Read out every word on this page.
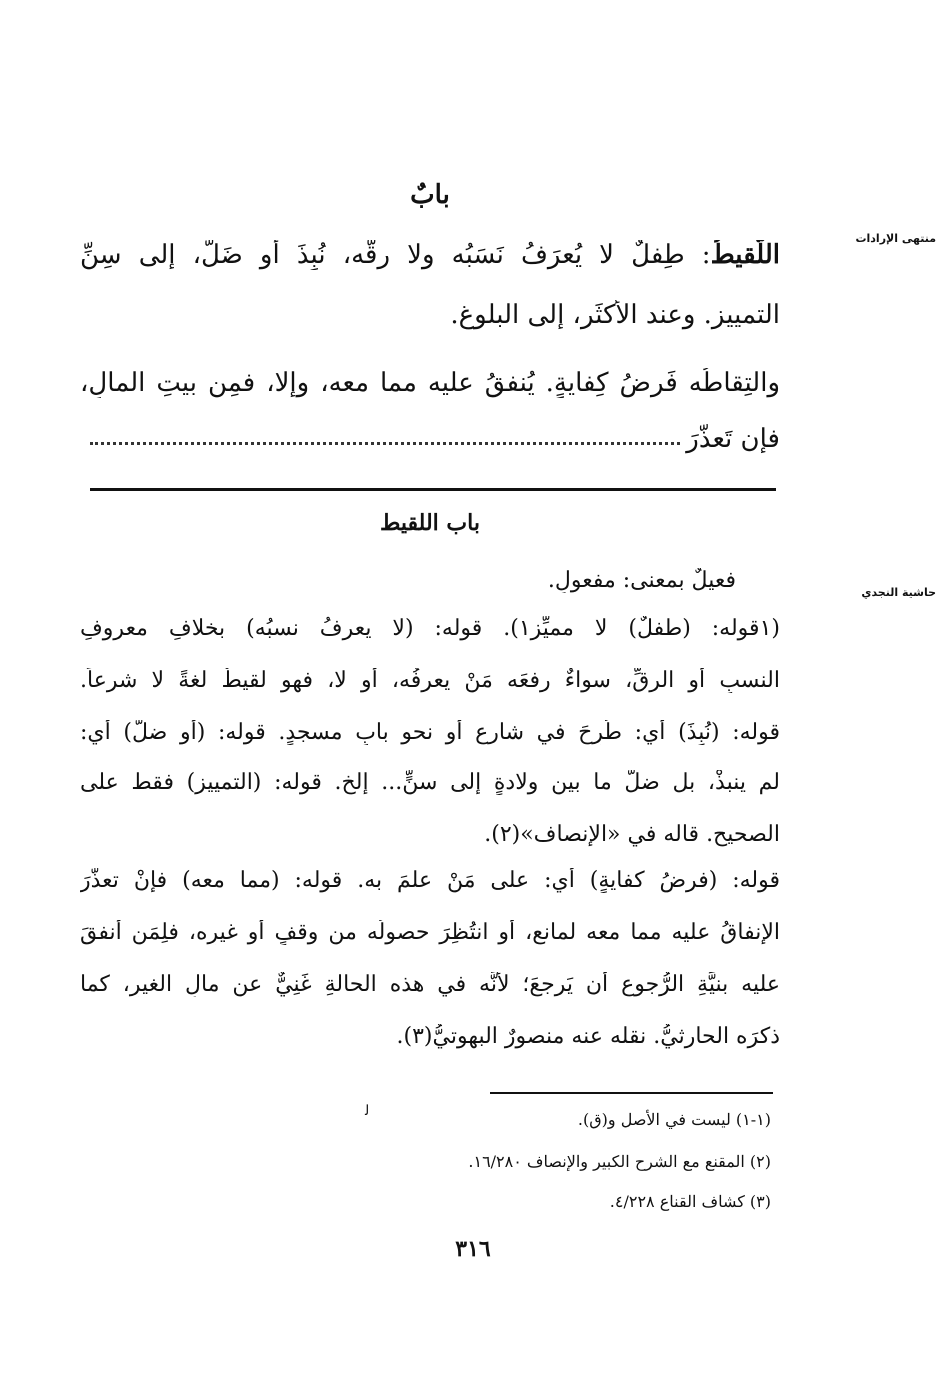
منتهى الإرادات
حاشية النجدي
بابٌ
اللَّقيطُ: طِفلٌ لا يُعرَفُ نَسَبُه ولا رِقُّه، نُبِذَ أو ضَلَّ، إلى سِنِّ
التمييزِ. وعند الأكثَر، إلى البلوغ.
والتِقاطُه فَرضُ كِفايةٍ. يُنفقُ عليه مما معه، وإلا، فمِن بيتِ المالِ،
فإن تَعذَّرَ
باب اللقيط
فعيلٌ بمعنى: مفعولٍ.
(١قوله: (طفلٌ) لا مميِّز١). قوله: (لا يعرفُ نسبُه) بخلافِ معروفِ
النسبِ أو الرقِّ، سواءٌ رفعَه مَنْ يعرفُه، أو لا، فهو لقيطٌ لغةً لا شرعاً.
قوله: (نُبِذَ) أي: طُرِحَ في شارعٍ أو نحوِ بابِ مسجدٍ. قوله: (أو ضلَّ) أي:
لم ينبذْ، بل ضلَّ ما بين ولادةٍ إلى سنٍّ... إلخ. قوله: (التمييز) فقط على
الصحيح. قاله في «الإنصاف»(٢).
قوله: (فرضُ كفايةٍ) أي: على مَنْ علمَ به. قوله: (مما معه) فإنْ تعذَّرَ
الإنفاقُ عليه مما معه لمانعٍ، أو انتُظِرَ حصولُه من وقفٍ أو غيرِه، فلِمَن أنفقَ
عليه بنيَّةِ الرُّجوعِ أن يَرجعَ؛ لأنَّه في هذه الحالةِ غَنِيٌّ عن مالِ الغيرِ، كما
ذكرَه الحارثيُّ. نقله عنه منصورٌ البهوتيُّ(٣).
ﻟ	(١-١) ليست في الأصل و(ق).
(٢) المقنع مع الشرح الكبير والإنصاف ١٦/٢٨٠.
(٣) كشاف القناع ٤/٢٢٨.
٣١٦
